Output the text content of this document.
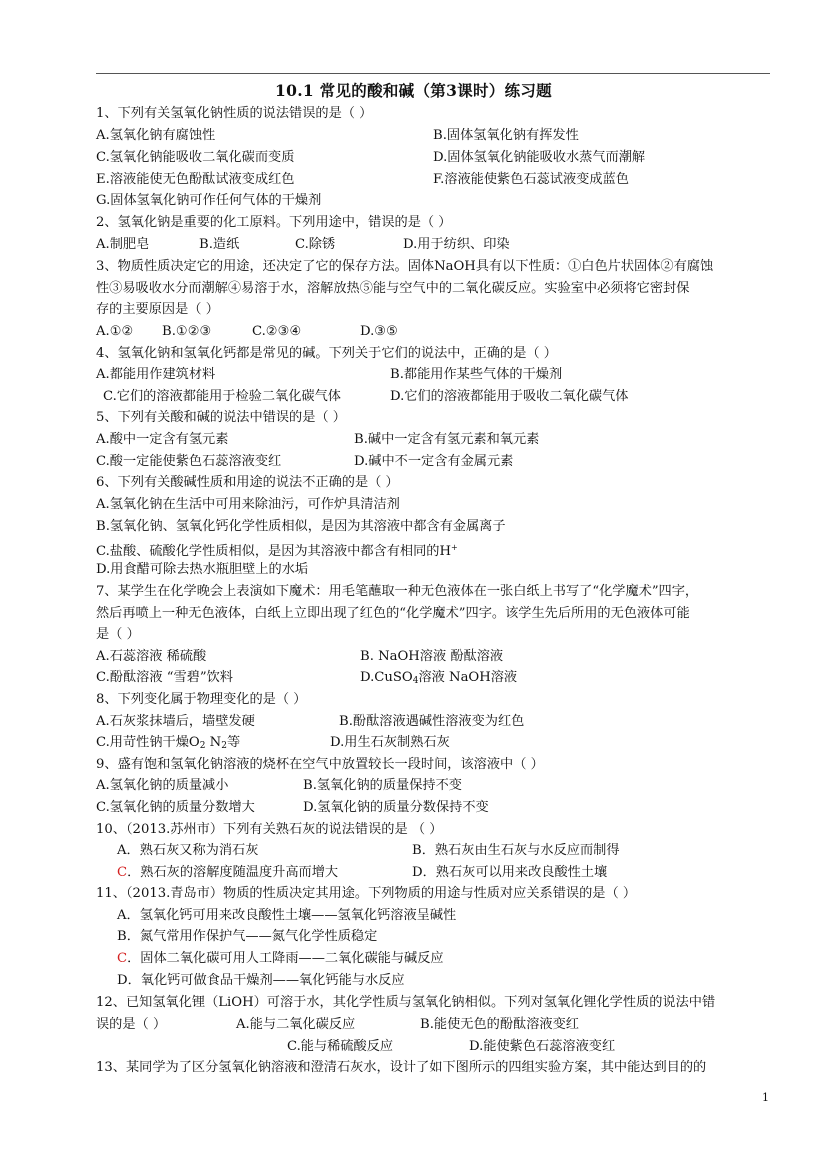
10.1 常见的酸和碱（第3课时）练习题
1、下列有关氢氧化钠性质的说法错误的是（ ）
A.氢氧化钠有腐蚀性	B.固体氢氧化钠有挥发性
C.氢氧化钠能吸收二氧化碳而变质	D.固体氢氧化钠能吸收水蒸气而潮解
E.溶液能使无色酚酞试液变成红色	F.溶液能使紫色石蕊试液变成蓝色
G.固体氢氧化钠可作任何气体的干燥剂
2、氢氧化钠是重要的化工原料。下列用途中，错误的是（ ）
A.制肥皂	B.造纸	C.除锈	D.用于纺织、印染
3、物质性质决定它的用途，还决定了它的保存方法。固体NaOH具有以下性质：①白色片状固体②有腐蚀
性③易吸收水分而潮解④易溶于水，溶解放热⑤能与空气中的二氧化碳反应。实验室中必须将它密封保
存的主要原因是（ ）
A.①② B.①②③	C.②③④	D.③⑤
4、氢氧化钠和氢氧化钙都是常见的碱。下列关于它们的说法中，正确的是（ ）
A.都能用作建筑材料	B.都能用作某些气体的干燥剂
C.它们的溶液都能用于检验二氧化碳气体	D.它们的溶液都能用于吸收二氧化碳气体
5、下列有关酸和碱的说法中错误的是（ ）
A.酸中一定含有氢元素	B.碱中一定含有氢元素和氧元素
C.酸一定能使紫色石蕊溶液变红	D.碱中不一定含有金属元素
6、下列有关酸碱性质和用途的说法不正确的是（ ）
A.氢氧化钠在生活中可用来除油污，可作炉具清洁剂
B.氢氧化钠、氢氧化钙化学性质相似，是因为其溶液中都含有金属离子
C.盐酸、硫酸化学性质相似，是因为其溶液中都含有相同的H+
D.用食醋可除去热水瓶胆壁上的水垢
7、某学生在化学晚会上表演如下魔术：用毛笔蘸取一种无色液体在一张白纸上书写了“化学魔术”四字，
然后再喷上一种无色液体，白纸上立即出现了红色的“化学魔术”四字。该学生先后所用的无色液体可能
是（ ）
A.石蕊溶液 稀硫酸	B. NaOH溶液 酚酞溶液
C.酚酞溶液 “雪碧”饮料	D.CuSO$_4$溶液 NaOH溶液
8、下列变化属于物理变化的是（ ）
A.石灰浆抹墙后，墙壁发硬	B.酚酞溶液遇碱性溶液变为红色
C.用苛性钠干燥$O_2$ $N_2$等	D.用生石灰制熟石灰
9、盛有饱和氢氧化钠溶液的烧杯在空气中放置较长一段时间，该溶液中（ ）
A.氢氧化钠的质量减小	B.氢氧化钠的质量保持不变
C.氢氧化钠的质量分数增大	D.氢氧化钠的质量分数保持不变
10、（2013.苏州市）下列有关熟石灰的说法错误的是 （ ）
A．熟石灰又称为消石灰	B．熟石灰由生石灰与水反应而制得
C．熟石灰的溶解度随温度升高而增大	D．熟石灰可以用来改良酸性土壤
11、（2013.青岛市）物质的性质决定其用途。下列物质的用途与性质对应关系错误的是（ ）
A．氢氧化钙可用来改良酸性土壤——氢氧化钙溶液呈碱性
B．氮气常用作保护气——氮气化学性质稳定
C．固体二氧化碳可用人工降雨——二氧化碳能与碱反应
D．氧化钙可做食品干燥剂——氧化钙能与水反应
12、已知氢氧化锂（LiOH）可溶于水，其化学性质与氢氧化钠相似。下列对氢氧化锂化学性质的说法中错
误的是（ ）	A.能与二氧化碳反应	B.能使无色的酚酞溶液变红
C.能与稀硫酸反应	D.能使紫色石蕊溶液变红
13、某同学为了区分氢氧化钠溶液和澄清石灰水，设计了如下图所示的四组实验方案，其中能达到目的的
1
